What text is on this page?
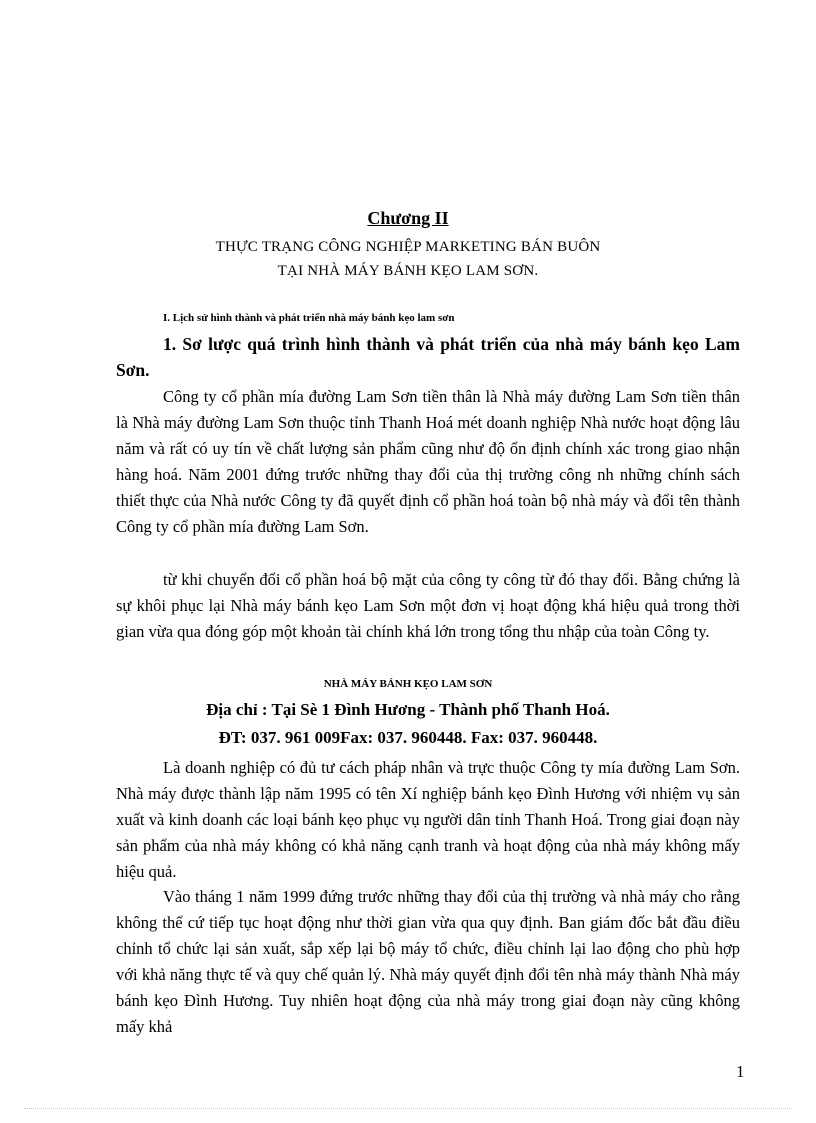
Chương II

THỰC TRẠNG CÔNG NGHIỆP MARKETING BÁN BUÔN

TẠI NHÀ MÁY BÁNH KẸO LAM SƠN.

I. Lịch sử hình thành và phát triển nhà máy bánh kẹo lam sơn

1. Sơ lược quá trình hình thành và phát triển của nhà máy bánh kẹo Lam Sơn.

Công ty cổ phần mía đường Lam Sơn tiền thân là Nhà máy đường Lam Sơn tiền thân là Nhà máy đường Lam Sơn thuộc tỉnh Thanh Hoá mét doanh nghiệp Nhà nước hoạt động lâu năm và rất có uy tín về chất lượng sản phẩm cũng như độ ổn định chính xác trong giao nhận hàng hoá. Năm 2001 đứng trước những thay đổi của thị trường công nh những chính sách thiết thực của Nhà nước Công ty đã quyết định cổ phần hoá toàn bộ nhà máy và đổi tên thành Công ty cổ phần mía đường Lam Sơn.

từ khi chuyển đổi cổ phần hoá bộ mặt của công ty công từ đó thay đổi. Bằng chứng là sự khôi phục lại Nhà máy bánh kẹo Lam Sơn một đơn vị hoạt động khá hiệu quả trong thời gian vừa qua đóng góp một khoản tài chính khá lớn trong tổng thu nhập của toàn Công ty.

NHÀ MÁY BÁNH KẸO LAM SƠN

Địa chỉ : Tại Sè 1 Đình Hương - Thành phố Thanh Hoá.

ĐT: 037. 961 009Fax: 037. 960448. Fax: 037. 960448.

Là doanh nghiệp có đủ tư cách pháp nhân và trực thuộc Công ty mía đường Lam Sơn. Nhà máy được thành lập năm 1995 có tên Xí nghiệp bánh kẹo Đình Hương với nhiệm vụ sản xuất và kinh doanh các loại bánh kẹo phục vụ người dân tỉnh Thanh Hoá. Trong giai đoạn này sản phẩm của nhà máy không có khả năng cạnh tranh và hoạt động của nhà máy không mấy hiệu quả.

Vào tháng 1 năm 1999 đứng trước những thay đổi của thị trường và nhà máy cho rằng không thể cứ tiếp tục hoạt động như thời gian vừa qua quy định. Ban giám đốc bắt đầu điều chỉnh tổ chức lại sản xuất, sắp xếp lại bộ máy tổ chức, điều chỉnh lại lao động cho phù hợp với khả năng thực tế và quy chế quản lý. Nhà máy quyết định đổi tên nhà máy thành Nhà máy bánh kẹo Đình Hương. Tuy nhiên hoạt động của nhà máy trong giai đoạn này cũng không mấy khả

1
